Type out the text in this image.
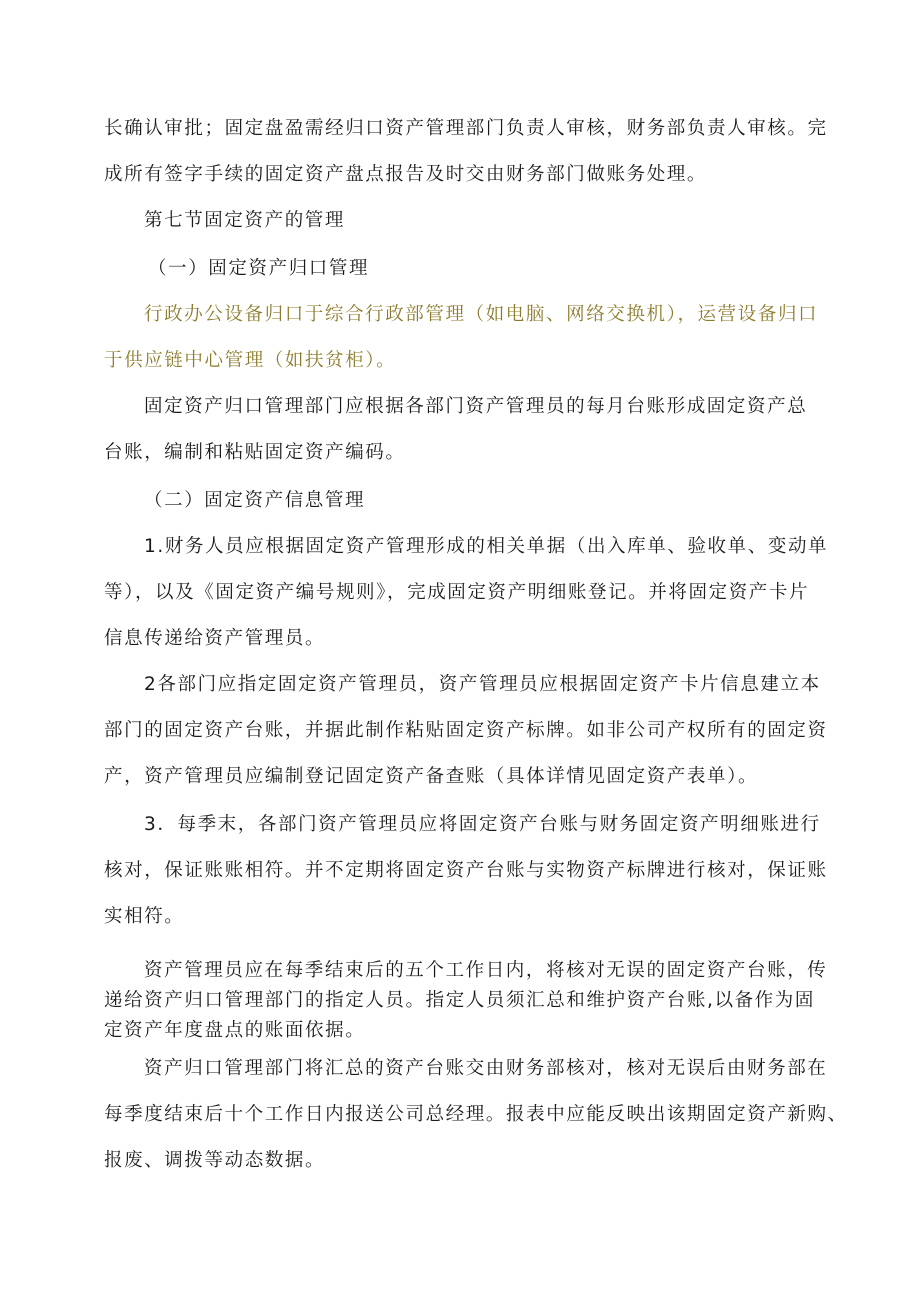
长确认审批；固定盘盈需经归口资产管理部门负责人审核，财务部负责人审核。完
成所有签字手续的固定资产盘点报告及时交由财务部门做账务处理。
第七节固定资产的管理
（一）固定资产归口管理
行政办公设备归口于综合行政部管理（如电脑、网络交换机），运营设备归口
于供应链中心管理（如扶贫柜）。
固定资产归口管理部门应根据各部门资产管理员的每月台账形成固定资产总
台账，编制和粘贴固定资产编码。
（二）固定资产信息管理
1.财务人员应根据固定资产管理形成的相关单据（出入库单、验收单、变动单
等），以及《固定资产编号规则》，完成固定资产明细账登记。并将固定资产卡片
信息传递给资产管理员。
2各部门应指定固定资产管理员，资产管理员应根据固定资产卡片信息建立本
部门的固定资产台账，并据此制作粘贴固定资产标牌。如非公司产权所有的固定资
产，资产管理员应编制登记固定资产备查账（具体详情见固定资产表单）。
3．每季末，各部门资产管理员应将固定资产台账与财务固定资产明细账进行
核对，保证账账相符。并不定期将固定资产台账与实物资产标牌进行核对，保证账
实相符。
资产管理员应在每季结束后的五个工作日内，将核对无误的固定资产台账，传
递给资产归口管理部门的指定人员。指定人员须汇总和维护资产台账,以备作为固
定资产年度盘点的账面依据。
资产归口管理部门将汇总的资产台账交由财务部核对，核对无误后由财务部在
每季度结束后十个工作日内报送公司总经理。报表中应能反映出该期固定资产新购、
报废、调拨等动态数据。
